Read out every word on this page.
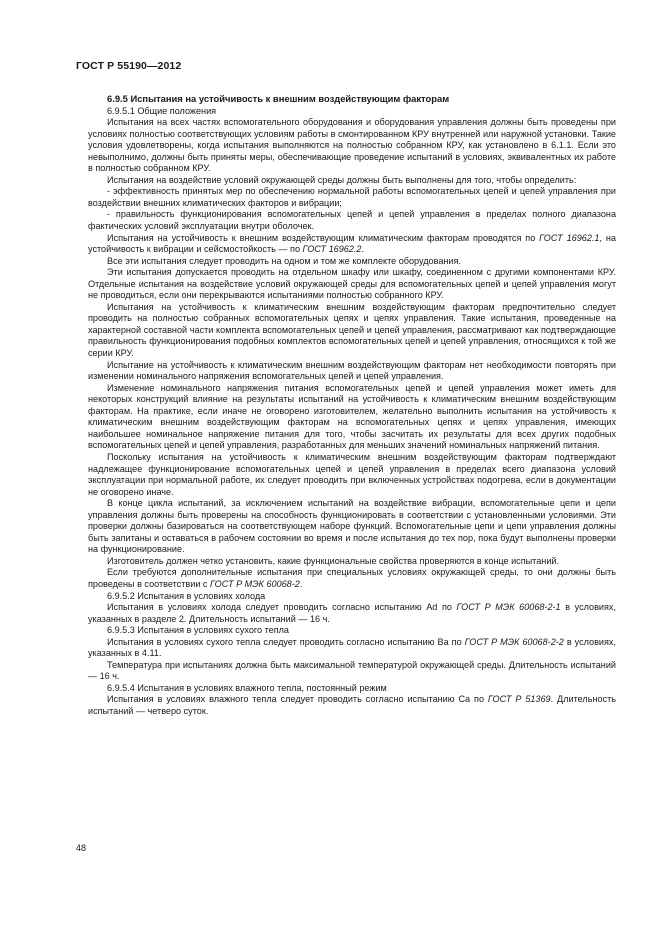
ГОСТ Р 55190—2012

6.9.5 Испытания на устойчивость к внешним воздействующим факторам

6.9.5.1 Общие положения

Испытания на всех частях вспомогательного оборудования и оборудования управления должны быть проведены при условиях полностью соответствующих условиям работы в смонтированном КРУ внутренней или наружной установки. Такие условия удовлетворены, когда испытания выполняются на полностью собранном КРУ, как установлено в 6.1.1. Если это невыполнимо, должны быть приняты меры, обеспечивающие проведение испытаний в условиях, эквивалентных их работе в полностью собранном КРУ.

Испытания на воздействие условий окружающей среды должны быть выполнены для того, чтобы определить:

- эффективность принятых мер по обеспечению нормальной работы вспомогательных цепей и цепей управления при воздействии внешних климатических факторов и вибрации;

- правильность функционирования вспомогательных цепей и цепей управления в пределах полного диапазона фактических условий эксплуатации внутри оболочек.

Испытания на устойчивость к внешним воздействующим климатическим факторам проводятся по ГОСТ 16962.1, на устойчивость к вибрации и сейсмостойкость — по ГОСТ 16962.2.

Все эти испытания следует проводить на одном и том же комплекте оборудования.

Эти испытания допускается проводить на отдельном шкафу или шкафу, соединенном с другими компонентами КРУ. Отдельные испытания на воздействие условий окружающей среды для вспомогательных цепей и цепей управления могут не проводиться, если они перекрываются испытаниями полностью собранного КРУ.

Испытания на устойчивость к климатическим внешним воздействующим факторам предпочтительно следует проводить на полностью собранных вспомогательных цепях и цепях управления. Такие испытания, проведенные на характерной составной части комплекта вспомогательных цепей и цепей управления, рассматривают как подтверждающие правильность функционирования подобных комплектов вспомогательных цепей и цепей управления, относящихся к той же серии КРУ.

Испытание на устойчивость к климатическим внешним воздействующим факторам нет необходимости повторять при изменении номинального напряжения вспомогательных цепей и цепей управления.

Изменение номинального напряжения питания вспомогательных цепей и цепей управления может иметь для некоторых конструкций влияние на результаты испытаний на устойчивость к климатическим внешним воздействующим факторам. На практике, если иначе не оговорено изготовителем, желательно выполнить испытания на устойчивость к климатическим внешним воздействующим факторам на вспомогательных цепях и цепях управления, имеющих наибольшее номинальное напряжение питания для того, чтобы засчитать их результаты для всех других подобных вспомогательных цепей и цепей управления, разработанных для меньших значений номинальных напряжений питания.

Поскольку испытания на устойчивость к климатическим внешним воздействующим факторам подтверждают надлежащее функционирование вспомогательных цепей и цепей управления в пределах всего диапазона условий эксплуатации при нормальной работе, их следует проводить при включенных устройствах подогрева, если в документации не оговорено иначе.

В конце цикла испытаний, за исключением испытаний на воздействие вибрации, вспомогательные цепи и цепи управления должны быть проверены на способность функционировать в соответствии с установленными условиями. Эти проверки должны базироваться на соответствующем наборе функций. Вспомогательные цепи и цепи управления должны быть запитаны и оставаться в рабочем состоянии во время и после испытания до тех пор, пока будут выполнены проверки на функционирование.

Изготовитель должен четко установить, какие функциональные свойства проверяются в конце испытаний.

Если требуются дополнительные испытания при специальных условиях окружающей среды, то они должны быть проведены в соответствии с ГОСТ Р МЭК 60068-2.

6.9.5.2 Испытания в условиях холода

Испытания в условиях холода следует проводить согласно испытанию Ad по ГОСТ Р МЭК 60068-2-1 в условиях, указанных в разделе 2. Длительность испытаний — 16 ч.

6.9.5.3 Испытания в условиях сухого тепла

Испытания в условиях сухого тепла следует проводить согласно испытанию Ba по ГОСТ Р МЭК 60068-2-2 в условиях, указанных в 4.11.

Температура при испытаниях должна быть максимальной температурой окружающей среды. Длительность испытаний — 16 ч.

6.9.5.4 Испытания в условиях влажного тепла, постоянный режим

Испытания в условиях влажного тепла следует проводить согласно испытанию Ca по ГОСТ Р 51369. Длительность испытаний — четверо суток.

48
